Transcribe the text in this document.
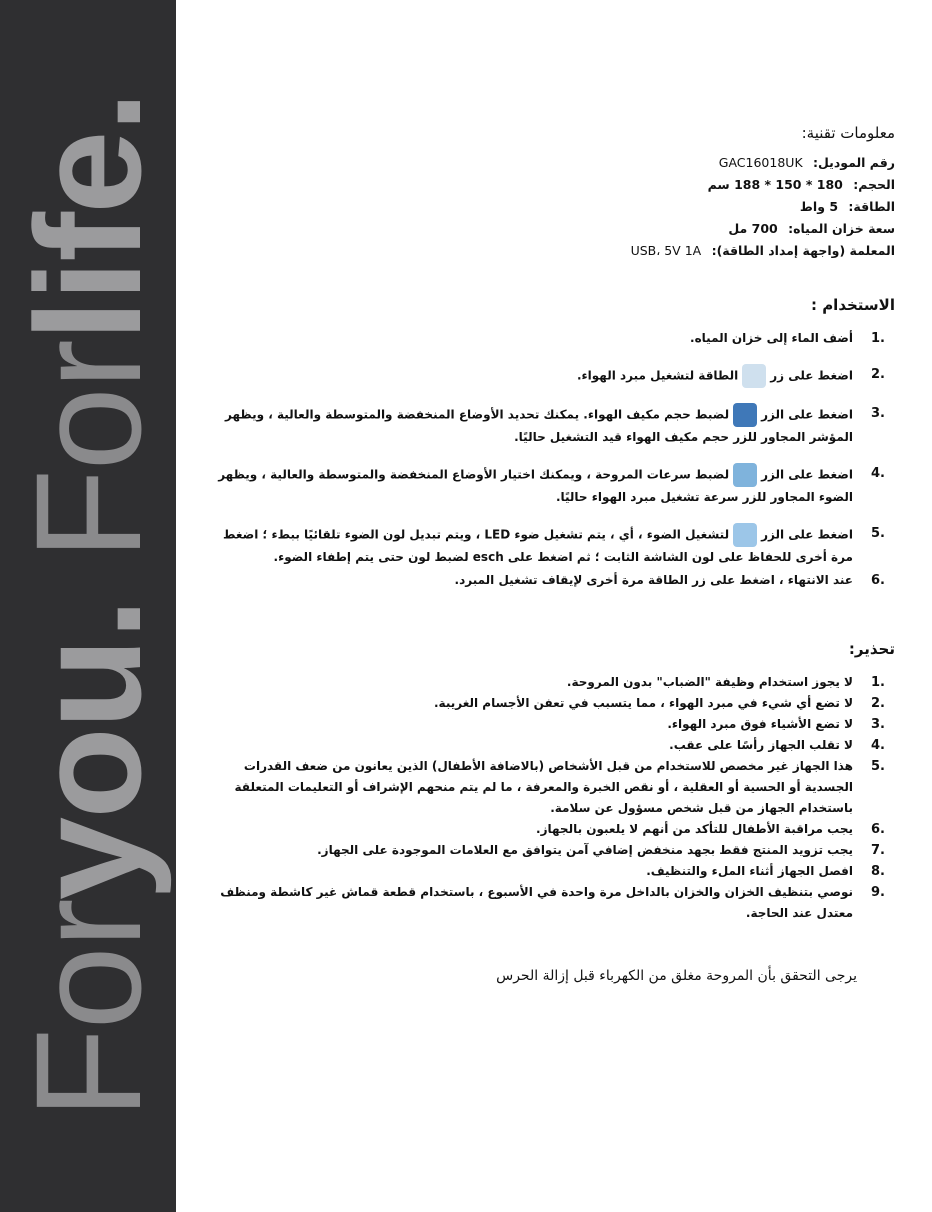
Foryou. Forlife.	معلومات تقنية:

رقم الموديل: GAC16018UK

الحجم: 180 * 150 * 188 سم

الطاقة: 5 واط

سعة خزان المياه: 700 مل

المعلمة (واجهة إمداد الطاقة): USB، 5V 1A

الاستخدام :
1.
أضف الماء إلى خزان المياه.
2.
اضغط على زرالطاقة لتشغيل مبرد الهواء.
3.
اضغط على الزرلضبط حجم مكيف الهواء. يمكنك تحديد الأوضاع المنخفضة والمتوسطة والعالية ، ويظهر المؤشر المجاور للزر حجم مكيف الهواء قيد التشغيل حاليًا.
4.
اضغط على الزرلضبط سرعات المروحة ، ويمكنك اختيار الأوضاع المنخفضة والمتوسطة والعالية ، ويظهر الضوء المجاور للزر سرعة تشغيل مبرد الهواء حاليًا.
5.
اضغط على الزرلتشغيل الضوء ، أي ، يتم تشغيل ضوء LED ، ويتم تبديل لون الضوء تلقائيًا ببطء ؛ اضغط مرة أخرى للحفاظ على لون الشاشة الثابت ؛ ثم اضغط على esch لضبط لون حتى يتم إطفاء الضوء.
6.
عند الانتهاء ، اضغط على زر الطاقة مرة أخرى لإيقاف تشغيل المبرد.
تحذير:
1.
لا يجوز استخدام وظيفة "الضباب" بدون المروحة.
2.
لا تضع أي شيء في مبرد الهواء ، مما يتسبب في تعفن الأجسام الغريبة.
3.
لا تضع الأشياء فوق مبرد الهواء.
4.
لا تقلب الجهاز رأسًا على عقب.
5.
هذا الجهاز غير مخصص للاستخدام من قبل الأشخاص (بالاضافة الأطفال) الذين يعانون من ضعف القدرات الجسدية أو الحسية أو العقلية ، أو نقص الخبرة والمعرفة ، ما لم يتم منحهم الإشراف أو التعليمات المتعلقة باستخدام الجهاز من قبل شخص مسؤول عن سلامة.
6.
يجب مراقبة الأطفال للتأكد من أنهم لا يلعبون بالجهاز.
7.
يجب تزويد المنتج فقط بجهد منخفض إضافي آمن يتوافق مع العلامات الموجودة على الجهاز.
8.
افصل الجهاز أثناء الملء والتنظيف.
9.
نوصي بتنظيف الخزان والخزان بالداخل مرة واحدة في الأسبوع ، باستخدام قطعة قماش غير كاشطة ومنظف معتدل عند الحاجة.
يرجى التحقق بأن المروحة مغلق من الكهرباء قبل إزالة الحرس
